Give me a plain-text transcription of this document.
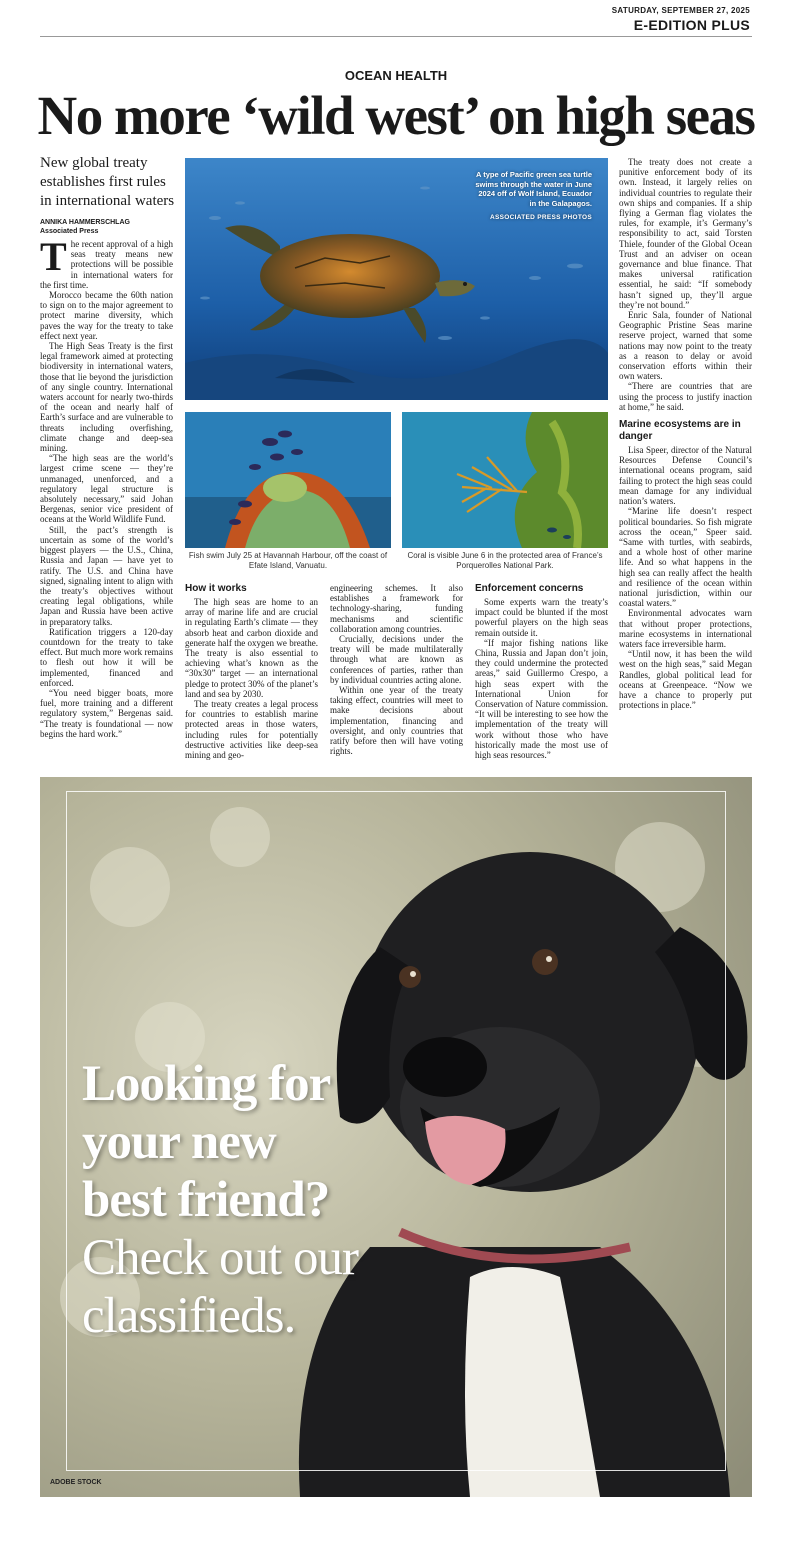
SATURDAY, SEPTEMBER 27, 2025
E-EDITION PLUS
OCEAN HEALTH
No more ‘wild west’ on high seas
New global treaty establishes first rules in international waters
ANNIKA HAMMERSCHLAG
Associated Press

The recent approval of a high seas treaty means new protections will be possible in international waters for the first time.

Morocco became the 60th nation to sign on to the major agreement to protect marine diversity, which paves the way for the treaty to take effect next year.

The High Seas Treaty is the first legal framework aimed at protecting biodiversity in international waters, those that lie beyond the jurisdiction of any single country. International waters account for nearly two-thirds of the ocean and nearly half of Earth’s surface and are vulnerable to threats including overfishing, climate change and deep-sea mining.

“The high seas are the world’s largest crime scene — they’re unmanaged, unenforced, and a regulatory legal structure is absolutely necessary,” said Johan Bergenas, senior vice president of oceans at the World Wildlife Fund.

Still, the pact’s strength is uncertain as some of the world’s biggest players — the U.S., China, Russia and Japan — have yet to ratify. The U.S. and China have signed, signaling intent to align with the treaty’s objectives without creating legal obligations, while Japan and Russia have been active in preparatory talks.

Ratification triggers a 120-day countdown for the treaty to take effect. But much more work remains to flesh out how it will be implemented, financed and enforced.

“You need bigger boats, more fuel, more training and a different regulatory system,” Bergenas said. “The treaty is foundational — now begins the hard work.”

A type of Pacific green sea turtle swims through the water in June 2024 off of Wolf Island, Ecuador in the Galapagos.
ASSOCIATED PRESS PHOTOS
Fish swim July 25 at Havannah Harbour, off the coast of Efate Island, Vanuatu.
Coral is visible June 6 in the protected area of France’s Porquerolles National Park.
How it works

The high seas are home to an array of marine life and are crucial in regulating Earth’s climate — they absorb heat and carbon dioxide and generate half the oxygen we breathe. The treaty is also essential to achieving what’s known as the “30x30” target — an international pledge to protect 30% of the planet’s land and sea by 2030.

The treaty creates a legal process for countries to establish marine protected areas in those waters, including rules for potentially destructive activities like deep-sea mining and geo-

engineering schemes. It also establishes a framework for technology-sharing, funding mechanisms and scientific collaboration among countries.

Crucially, decisions under the treaty will be made multilaterally through what are known as conferences of parties, rather than by individual countries acting alone.

Within one year of the treaty taking effect, countries will meet to make decisions about implementation, financing and oversight, and only countries that ratify before then will have voting rights.

Enforcement concerns

Some experts warn the treaty’s impact could be blunted if the most powerful players on the high seas remain outside it.

“If major fishing nations like China, Russia and Japan don’t join, they could undermine the protected areas,” said Guillermo Crespo, a high seas expert with the International Union for Conservation of Nature commission. “It will be interesting to see how the implementation of the treaty will work without those who have historically made the most use of high seas resources.”

The treaty does not create a punitive enforcement body of its own. Instead, it largely relies on individual countries to regulate their own ships and companies. If a ship flying a German flag violates the rules, for example, it’s Germany’s responsibility to act, said Torsten Thiele, founder of the Global Ocean Trust and an adviser on ocean governance and blue finance. That makes universal ratification essential, he said: “If somebody hasn’t signed up, they’ll argue they’re not bound.”

Enric Sala, founder of National Geographic Pristine Seas marine reserve project, warned that some nations may now point to the treaty as a reason to delay or avoid conservation efforts within their own waters.

“There are countries that are using the process to justify inaction at home,” he said.

Marine ecosystems are in danger

Lisa Speer, director of the Natural Resources Defense Council’s international oceans program, said failing to protect the high seas could mean damage for any individual nation’s waters.

“Marine life doesn’t respect political boundaries. So fish migrate across the ocean,” Speer said. “Same with turtles, with seabirds, and a whole host of other marine life. And so what happens in the high sea can really affect the health and resilience of the ocean within national jurisdiction, within our coastal waters.”

Environmental advocates warn that without proper protections, marine ecosystems in international waters face irreversible harm.

“Until now, it has been the wild west on the high seas,” said Megan Randles, global political lead for oceans at Greenpeace. “Now we have a chance to properly put protections in place.”

Looking for
your new
best friend?
Check out our
classifieds.
ADOBE STOCK
